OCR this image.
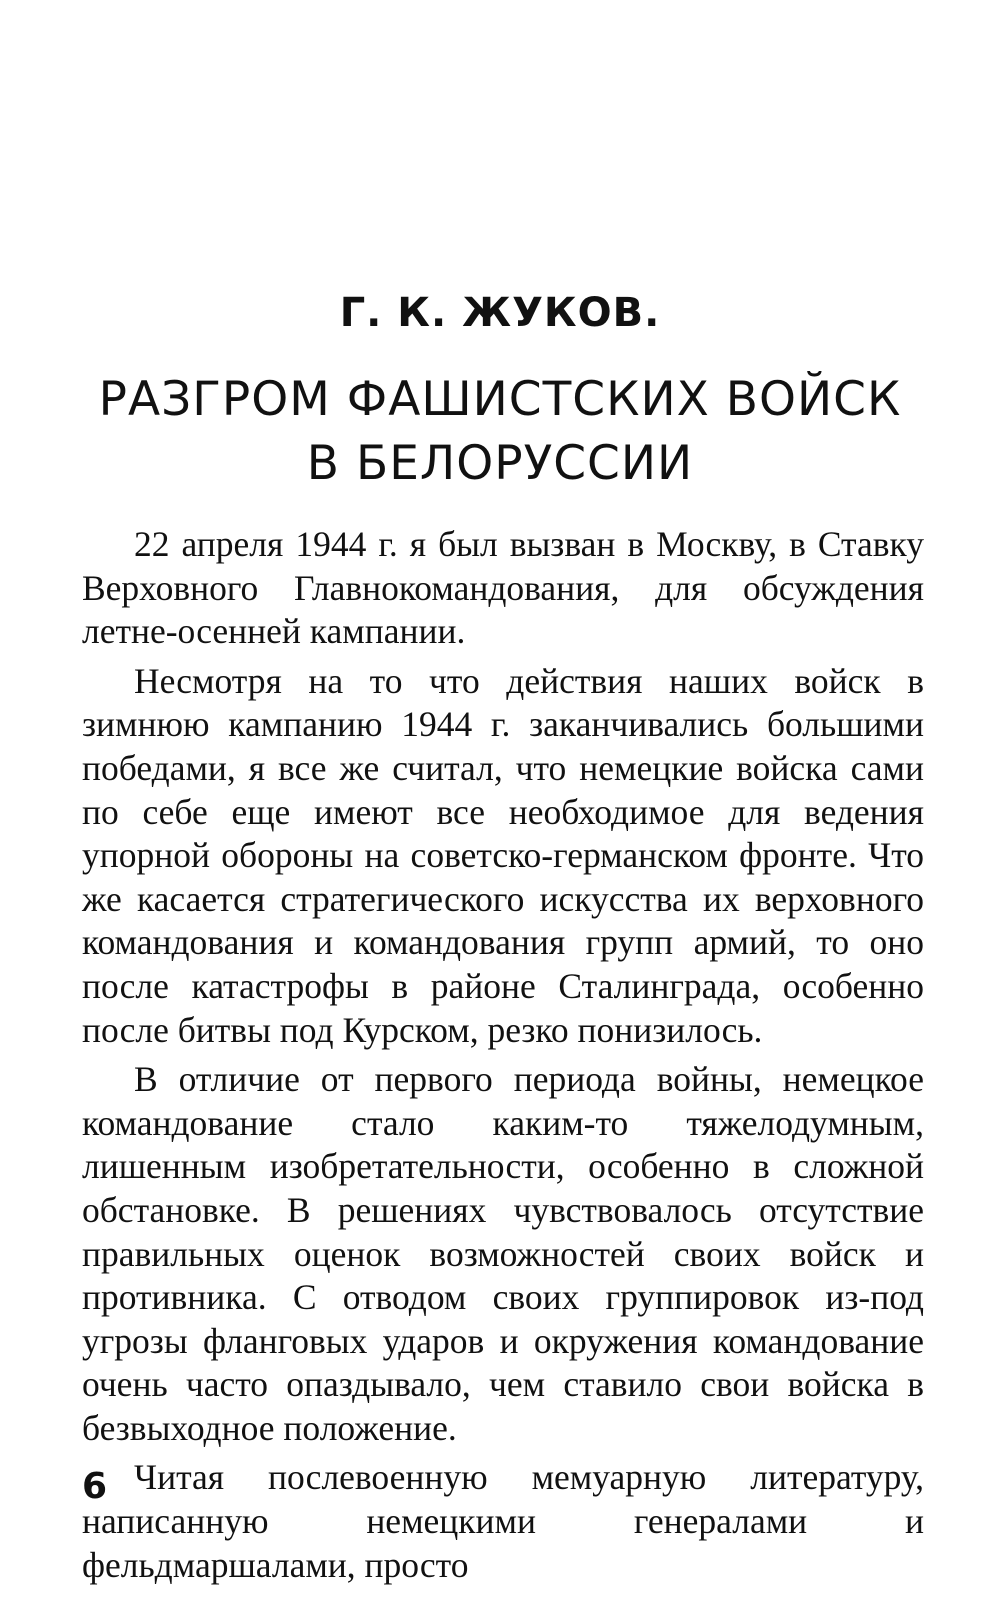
Г. К. ЖУКОВ.
РАЗГРОМ ФАШИСТСКИХ ВОЙСК
В БЕЛОРУССИИ

22 апреля 1944 г. я был вызван в Москву, в Ставку Верховного Главнокомандования, для обсуждения летне-осенней кампании.

Несмотря на то что действия наших войск в зимнюю кампанию 1944 г. заканчивались большими победами, я все же считал, что немецкие войска сами по себе еще имеют все необходимое для ведения упорной обороны на советско-германском фронте. Что же касается стратегического искусства их верховного командования и командования групп армий, то оно после катастрофы в районе Сталинграда, особенно после битвы под Курском, резко понизилось.

В отличие от первого периода войны, немецкое командование стало каким-то тяжелодумным, лишенным изобретательности, особенно в сложной обстановке. В решениях чувствовалось отсутствие правильных оценок возможностей своих войск и противника. С отводом своих группировок из-под угрозы фланговых ударов и окружения командование очень часто опаздывало, чем ставило свои войска в безвыходное положение.

Читая послевоенную мемуарную литературу, написанную немецкими генералами и фельдмаршалами, просто

6
